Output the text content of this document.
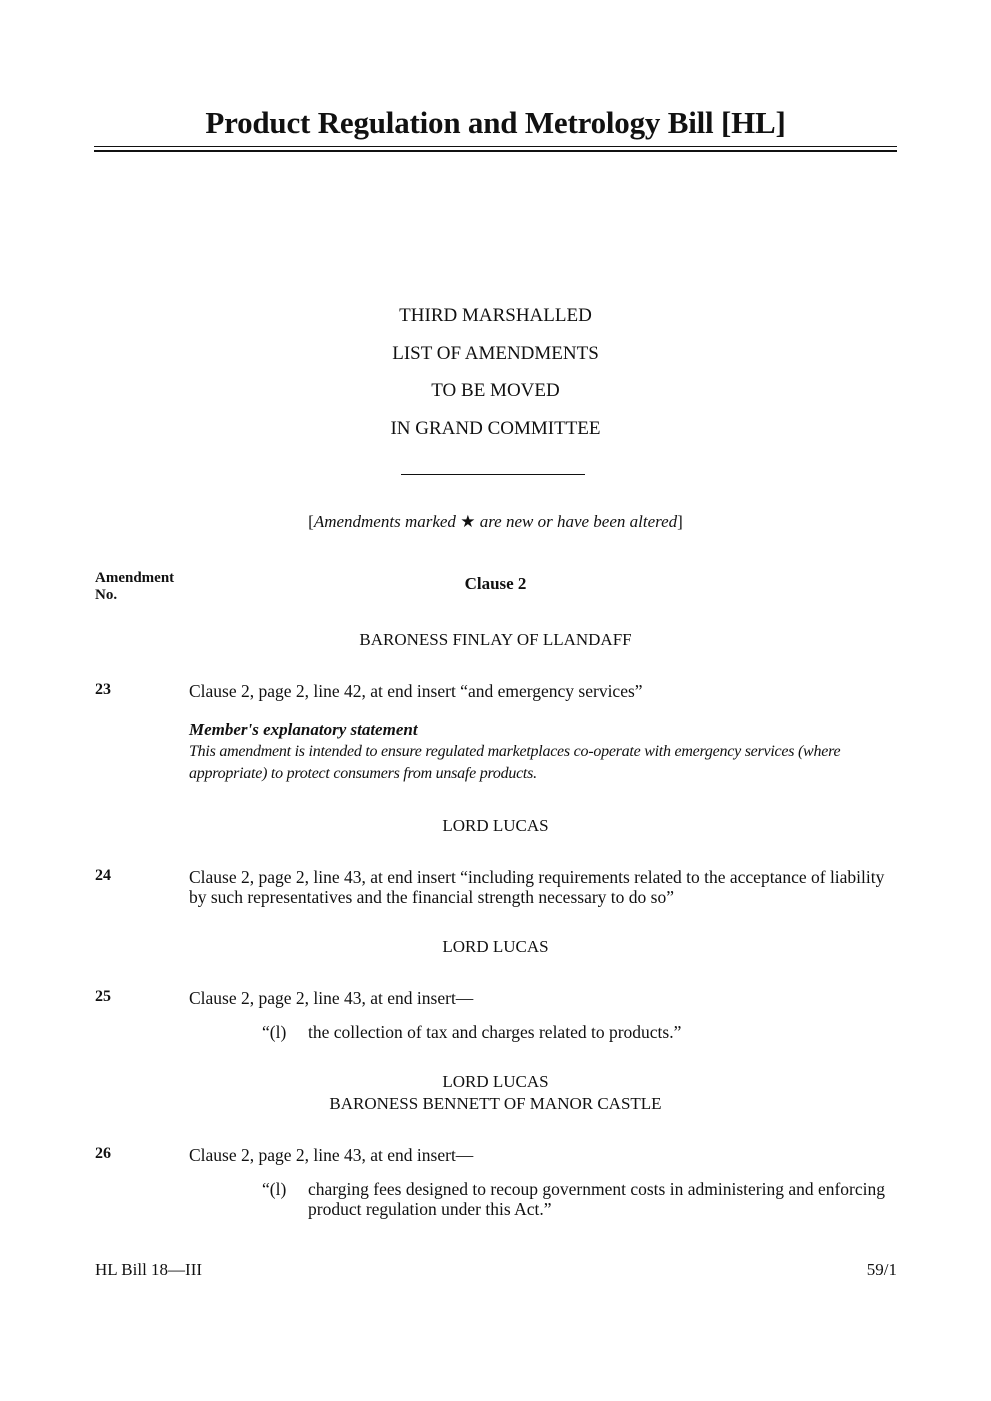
Product Regulation and Metrology Bill [HL]
THIRD MARSHALLED
LIST OF AMENDMENTS
TO BE MOVED
IN GRAND COMMITTEE
[Amendments marked ★ are new or have been altered]
Amendment
No.
Clause 2
BARONESS FINLAY OF LLANDAFF
23	Clause 2, page 2, line 42, at end insert “and emergency services”
Member's explanatory statement
This amendment is intended to ensure regulated marketplaces co-operate with emergency services (where appropriate) to protect consumers from unsafe products.
LORD LUCAS
24	Clause 2, page 2, line 43, at end insert “including requirements related to the acceptance of liability by such representatives and the financial strength necessary to do so”
LORD LUCAS
25	Clause 2, page 2, line 43, at end insert—
“(l) the collection of tax and charges related to products.”
LORD LUCAS
BARONESS BENNETT OF MANOR CASTLE
26	Clause 2, page 2, line 43, at end insert—
“(l) charging fees designed to recoup government costs in administering and enforcing product regulation under this Act.”
HL Bill 18—III	59/1
